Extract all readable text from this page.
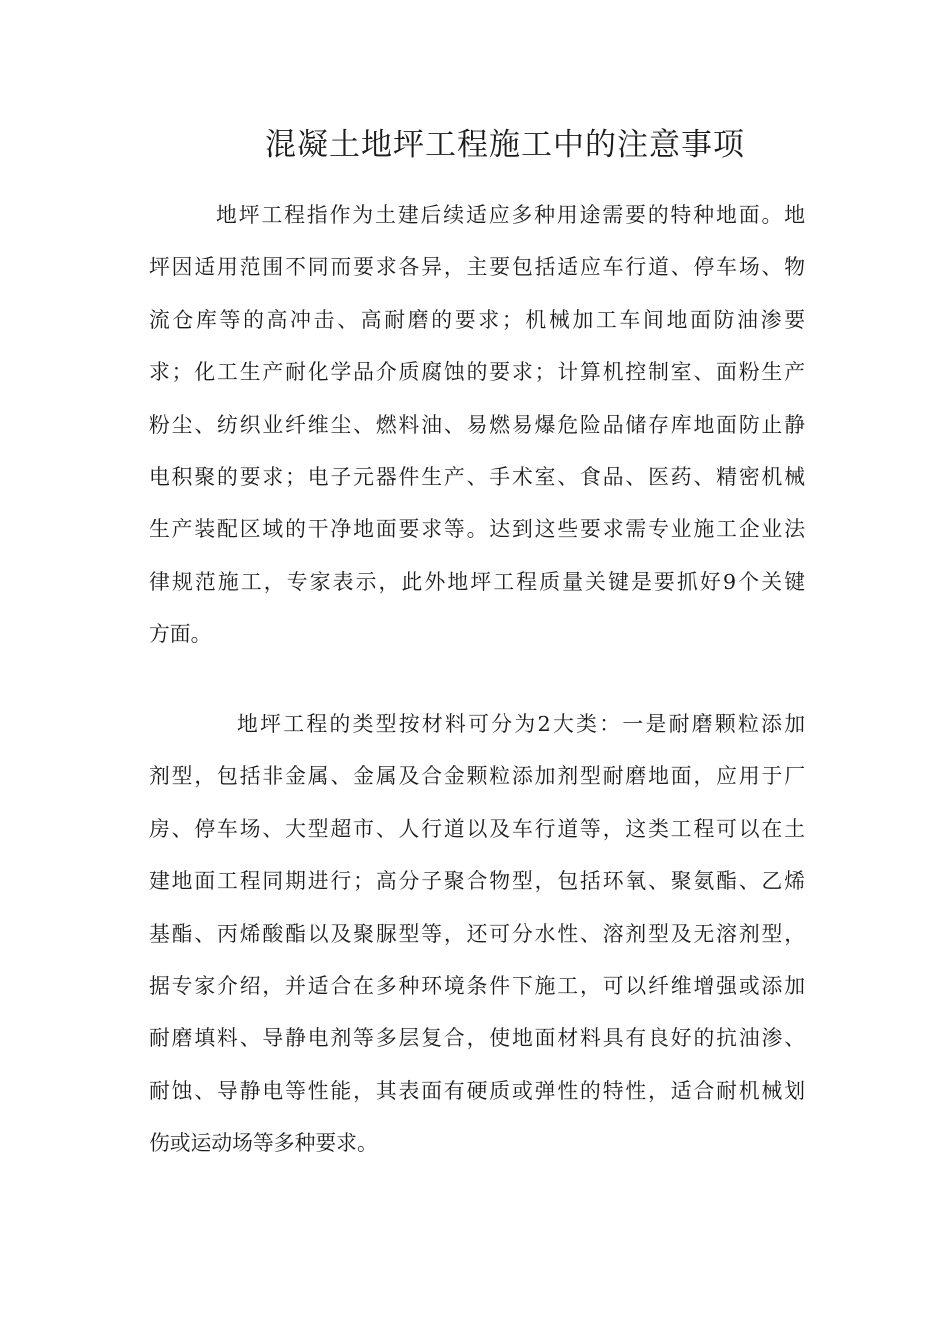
混凝土地坪工程施工中的注意事项
地坪工程指作为土建后续适应多种用途需要的特种地面。地
坪因适用范围不同而要求各异，主要包括适应车行道、停车场、物
流仓库等的高冲击、高耐磨的要求；机械加工车间地面防油渗要
求；化工生产耐化学品介质腐蚀的要求；计算机控制室、面粉生产
粉尘、纺织业纤维尘、燃料油、易燃易爆危险品储存库地面防止静
电积聚的要求；电子元器件生产、手术室、食品、医药、精密机械
生产装配区域的干净地面要求等。达到这些要求需专业施工企业法
律规范施工，专家表示，此外地坪工程质量关键是要抓好9个关键
方面。
地坪工程的类型按材料可分为2大类：一是耐磨颗粒添加
剂型，包括非金属、金属及合金颗粒添加剂型耐磨地面，应用于厂
房、停车场、大型超市、人行道以及车行道等，这类工程可以在土
建地面工程同期进行；高分子聚合物型，包括环氧、聚氨酯、乙烯
基酯、丙烯酸酯以及聚脲型等，还可分水性、溶剂型及无溶剂型，
据专家介绍，并适合在多种环境条件下施工，可以纤维增强或添加
耐磨填料、导静电剂等多层复合，使地面材料具有良好的抗油渗、
耐蚀、导静电等性能，其表面有硬质或弹性的特性，适合耐机械划
伤或运动场等多种要求。
